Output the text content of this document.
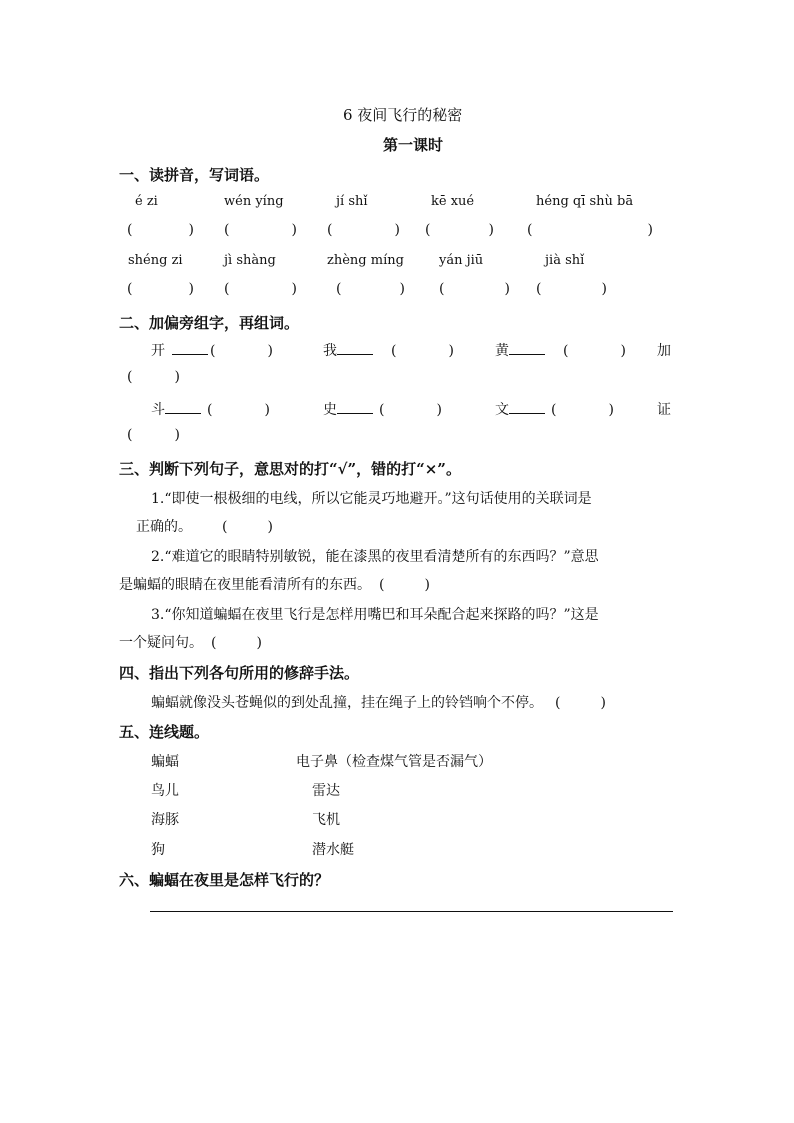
6 夜间飞行的秘密
第一课时
一、读拼音，写词语。
é zi	wén yíng	jí shǐ	kē xué	héng qī shù bā
(	) (	) (	) (	) (	)
shéng zi	jì shàng	zhèng míng	yán jiū	jià shǐ
(	) (	)	(	) (	) (	)
二、加偏旁组字，再组词。
开	(	)	我	(	)	黄	(	) 加
(	)
斗	(	)	史	(	)	文	(	)	证
(	)
三、判断下列句子，意思对的打“√”，错的打“×”。
1.“即使一根极细的电线，所以它能灵巧地避开。”这句话使用的关联词是
正确的。 (	)
2.“难道它的眼睛特别敏锐，能在漆黑的夜里看清楚所有的东西吗？”意思
是蝙蝠的眼睛在夜里能看清所有的东西。 (	)
3.“你知道蝙蝠在夜里飞行是怎样用嘴巴和耳朵配合起来探路的吗？”这是
一个疑问句。 (	)
四、指出下列各句所用的修辞手法。
蝙蝠就像没头苍蝇似的到处乱撞，挂在绳子上的铃铛响个不停。 (	)
五、连线题。
蝙蝠	电子鼻（检查煤气管是否漏气）
鸟儿	雷达
海豚	飞机
狗	潜水艇
六、蝙蝠在夜里是怎样飞行的？
